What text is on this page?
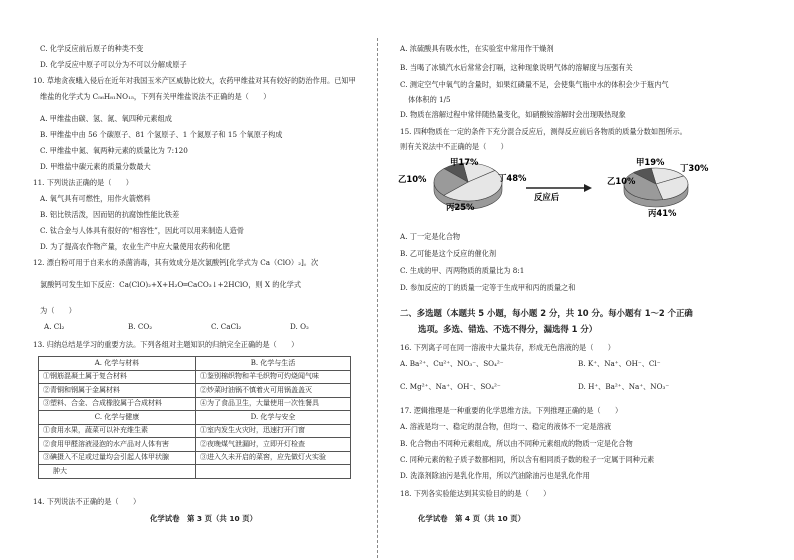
C. 化学反应前后原子的种类不变
D. 化学反应中原子可以分为不可以分解成原子
10. 草地贪夜蛾入侵后在近年对我国玉米产区威胁比较大，农药甲维盐对其有较好的防治作用。已知甲
维盐的化学式为 C₅₆H₈₁NO₁₅，下列有关甲维盐说法不正确的是（　　）
A. 甲维盐由碳、氢、氮、氧四种元素组成
B. 甲维盐中由 56 个碳原子、81 个氢原子、1 个氮原子和 15 个氧原子构成
C. 甲维盐中氮、氧两种元素的质量比为 7:120
D. 甲维盐中碳元素的质量分数最大
11. 下列说法正确的是（　　）
A. 氧气具有可燃性，用作火箭燃料
B. 铝比铁活泼，因而铝的抗腐蚀性能比铁差
C. 钛合金与人体具有很好的“相容性”，因此可以用来制造人造骨
D. 为了提高农作物产量，农业生产中应大量使用农药和化肥
12. 漂白粉可用于自来水的杀菌消毒，其有效成分是次氯酸钙[化学式为 Ca（ClO）₂]。次
氯酸钙可发生如下反应：Ca(ClO)₂+X+H₂O═CaCO₃↓+2HClO，则 X 的化学式
为（　　）
A. Cl₂	B. CO₂	C. CaCl₂	D. O₂
13. 归纳总结是学习的重要方法。下列各组对主题知识的归纳完全正确的是（　　）
A. 化学与材料	B. 化学与生活
①钢筋混凝土属于复合材料	①鉴别棉织物和羊毛织物可灼烧闻气味
②青铜和钢属于金属材料	②炒菜时油锅不慎着火可用锅盖盖灭
③塑料、合金、合成橡胶属于合成材料	④为了食品卫生，大量使用一次性餐具
C. 化学与健康	D. 化学与安全
①食用水果，蔬菜可以补充维生素	①室内发生火灾时，迅速打开门窗
②食用甲醛溶液浸泡的水产品对人体有害	②夜晚煤气泄漏时，立即开灯检查
③碘摄入不足或过量均会引起人体甲状腺	③进入久未开启的菜窖，应先做灯火实验
肿大	
14. 下列说法不正确的是（　　）
化学试卷　第 3 页（共 10 页）
A. 浓硫酸具有吸水性，在实验室中常用作干燥剂
B. 当喝了冰镇汽水后常常会打嗝，这种现象说明气体的溶解度与压强有关
C. 测定空气中氧气的含量时，如果红磷量不足，会使集气瓶中水的体积会少于瓶内气
体体积的 1/5
D. 物质在溶解过程中常伴随热量变化，如硝酸铵溶解时会出现吸热现象
15. 四种物质在一定的条件下充分混合反应后，测得反应前后各物质的质量分数如图所示。
则有关说法中不正确的是（　　）
反应后
甲17%
丁48%
丙25%
乙10%
甲19%
丁30%
丙41%
乙10%
A. 丁一定是化合物
B. 乙可能是这个反应的催化剂
C. 生成的甲、丙两物质的质量比为 8:1
D. 参加反应的丁的质量一定等于生成甲和丙的质量之和
二、多选题（本题共 5 小题，每小题 2 分，共 10 分。每小题有 1～2 个正确
选项。多选、错选、不选不得分，漏选得 1 分）
16. 下列离子可在同一溶液中大量共存，形成无色溶液的是（　　）
A. Ba²⁺、Cu²⁺、NO₃⁻、SO₄²⁻	B. K⁺、Na⁺、OH⁻、Cl⁻
C. Mg²⁺、Na⁺、OH⁻、SO₄²⁻	D. H⁺、Ba²⁺、Na⁺、NO₃⁻
17. 逻辑推理是一种重要的化学思维方法。下列推理正确的是（　　）
A. 溶液是均一、稳定的混合物，但均一、稳定的液体不一定是溶液
B. 化合物由不同种元素组成，所以由不同种元素组成的物质一定是化合物
C. 同种元素的粒子质子数都相同，所以含有相同质子数的粒子一定属于同种元素
D. 洗涤剂除油污是乳化作用，所以汽油除油污也是乳化作用
18. 下列各实验能达到其实验目的的是（　　）
化学试卷　第 4 页（共 10 页）
